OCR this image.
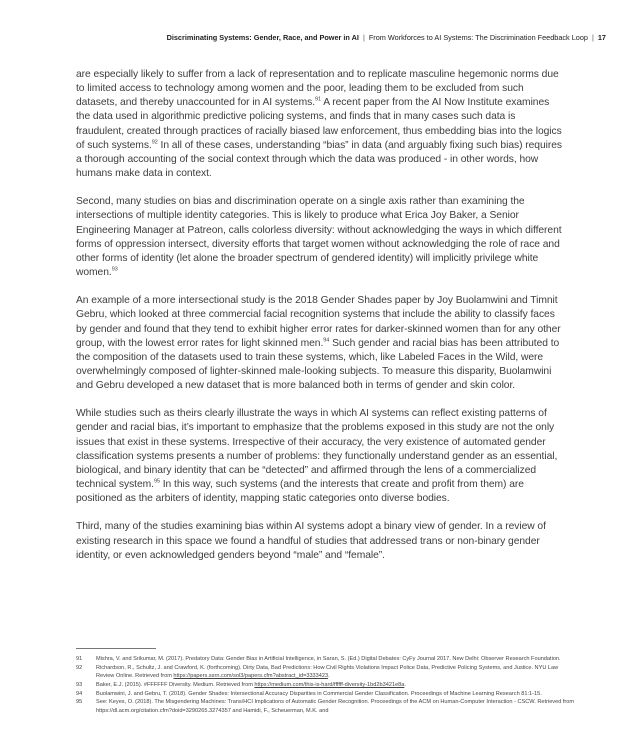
Discriminating Systems: Gender, Race, and Power in AI | From Workforces to AI Systems: The Discrimination Feedback Loop | 17

are especially likely to suffer from a lack of representation and to replicate masculine hegemonic norms due to limited access to technology among women and the poor, leading them to be excluded from such datasets, and thereby unaccounted for in AI systems.$^{91}$ A recent paper from the AI Now Institute examines the data used in algorithmic predictive policing systems, and finds that in many cases such data is fraudulent, created through practices of racially biased law enforcement, thus embedding bias into the logics of such systems.$^{92}$ In all of these cases, understanding “bias” in data (and arguably fixing such bias) requires a thorough accounting of the social context through which the data was produced - in other words, how humans make data in context.

Second, many studies on bias and discrimination operate on a single axis rather than examining the intersections of multiple identity categories. This is likely to produce what Erica Joy Baker, a Senior Engineering Manager at Patreon, calls colorless diversity: without acknowledging the ways in which different forms of oppression intersect, diversity efforts that target women without acknowledging the role of race and other forms of identity (let alone the broader spectrum of gendered identity) will implicitly privilege white women.$^{93}$

An example of a more intersectional study is the 2018 Gender Shades paper by Joy Buolamwini and Timnit Gebru, which looked at three commercial facial recognition systems that include the ability to classify faces by gender and found that they tend to exhibit higher error rates for darker-skinned women than for any other group, with the lowest error rates for light skinned men.$^{94}$ Such gender and racial bias has been attributed to the composition of the datasets used to train these systems, which, like Labeled Faces in the Wild, were overwhelmingly composed of lighter-skinned male-looking subjects. To measure this disparity, Buolamwini and Gebru developed a new dataset that is more balanced both in terms of gender and skin color.

While studies such as theirs clearly illustrate the ways in which AI systems can reflect existing patterns of gender and racial bias, it’s important to emphasize that the problems exposed in this study are not the only issues that exist in these systems. Irrespective of their accuracy, the very existence of automated gender classification systems presents a number of problems: they functionally understand gender as an essential, biological, and binary identity that can be “detected” and affirmed through the lens of a commercialized technical system.$^{95}$ In this way, such systems (and the interests that create and profit from them) are positioned as the arbiters of identity, mapping static categories onto diverse bodies.

Third, many of the studies examining bias within AI systems adopt a binary view of gender. In a review of existing research in this space we found a handful of studies that addressed trans or non-binary gender identity, or even acknowledged genders beyond “male” and “female”.

91	Mishra, V. and Srikumar, M. (2017). Predatory Data: Gender Bias in Artificial Intelligence, in Saran, S. (Ed.) Digital Debates: CyFy Journal 2017. New Delhi: Observer Research Foundation.
92	Richardson, R., Schultz, J. and Crawford, K. (forthcoming). Dirty Data, Bad Predictions: How Civil Rights Violations Impact Police Data, Predictive Policing Systems, and Justice. NYU Law Review Online. Retrieved from https://papers.ssrn.com/sol3/papers.cfm?abstract_id=3333423.
93	Baker, E.J. (2015). #FFFFFF Diversity. Medium. Retrieved from https://medium.com/this-is-hard/ffffff-diversity-1bd2b3421e8a.
94	Buolamwini, J. and Gebru, T. (2018). Gender Shades: Intersectional Accuracy Disparities in Commercial Gender Classification. Proceedings of Machine Learning Research 81:1-15.
95	See: Keyes, O. (2018). The Misgendering Machines: Trans/HCI Implications of Automatic Gender Recognition. Proceedings of the ACM on Human-Computer Interaction - CSCW. Retrieved from https://dl.acm.org/citation.cfm?doid=3290265.3274357 and Hamidi, F., Scheuerman, M.K. and
